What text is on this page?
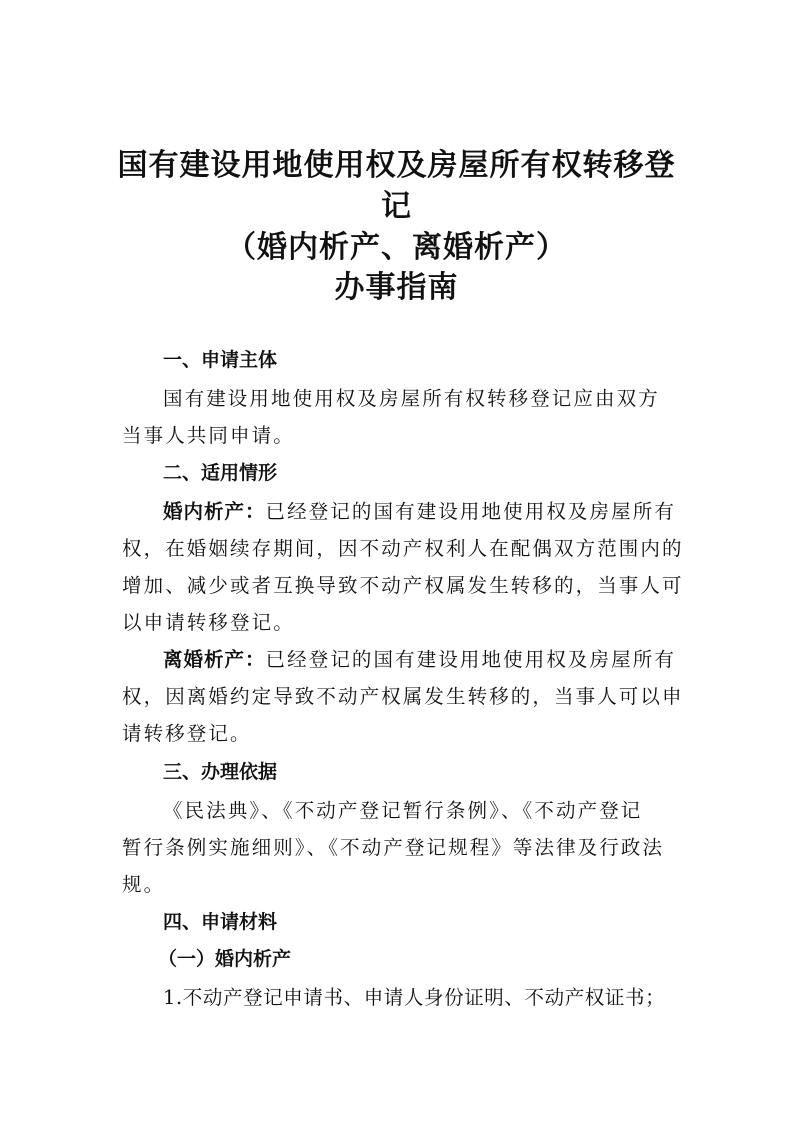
国有建设用地使用权及房屋所有权转移登
记
（婚内析产、离婚析产）
办事指南
一、申请主体
国有建设用地使用权及房屋所有权转移登记应由双方
当事人共同申请。
二、适用情形
婚内析产：已经登记的国有建设用地使用权及房屋所有
权，在婚姻续存期间，因不动产权利人在配偶双方范围内的
增加、减少或者互换导致不动产权属发生转移的，当事人可
以申请转移登记。
离婚析产：已经登记的国有建设用地使用权及房屋所有
权，因离婚约定导致不动产权属发生转移的，当事人可以申
请转移登记。
三、办理依据
《民法典》、《不动产登记暂行条例》、《不动产登记
暂行条例实施细则》、《不动产登记规程》等法律及行政法
规。
四、申请材料
（一）婚内析产
1.不动产登记申请书、申请人身份证明、不动产权证书；
